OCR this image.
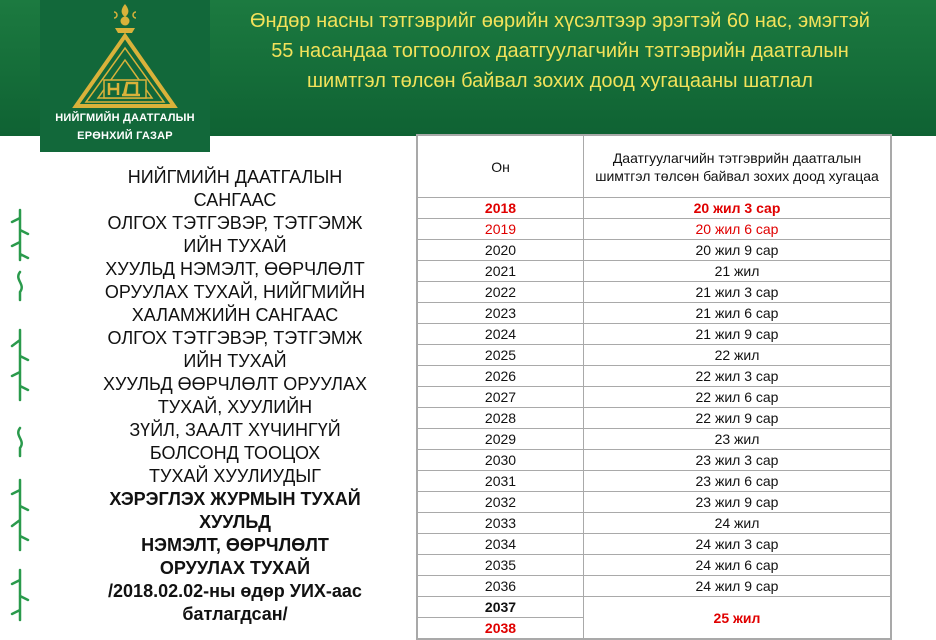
Өндөр насны тэтгэврийг өөрийн хүсэлтээр эрэгтэй 60 нас, эмэгтэй
55 насандаа тогтоолгох даатгуулагчийн тэтгэврийн даатгалын
шимтгэл төлсөн байвал зохих доод хугацааны шатлал
НИЙГМИЙН ДААТГАЛЫН
ЕРӨНХИЙ ГАЗАР
НИЙГМИЙН ДААТГАЛЫН
САНГААС
ОЛГОХ ТЭТГЭВЭР, ТЭТГЭМЖ
ИЙН ТУХАЙ
ХУУЛЬД НЭМЭЛТ, ӨӨРЧЛӨЛТ
ОРУУЛАХ ТУХАЙ, НИЙГМИЙН
ХАЛАМЖИЙН САНГААС
ОЛГОХ ТЭТГЭВЭР, ТЭТГЭМЖ
ИЙН ТУХАЙ
ХУУЛЬД ӨӨРЧЛӨЛТ ОРУУЛАХ
ТУХАЙ, ХУУЛИЙН
ЗҮЙЛ, ЗААЛТ ХҮЧИНГҮЙ
БОЛСОНД ТООЦОХ
ТУХАЙ ХУУЛИУДЫГ
ХЭРЭГЛЭХ ЖУРМЫН ТУХАЙ
ХУУЛЬД
НЭМЭЛТ, ӨӨРЧЛӨЛТ
ОРУУЛАХ ТУХАЙ
/2018.02.02-ны өдөр УИХ-аас
батлагдсан/
Он	Даатгуулагчийн тэтгэврийн даатгалын шимтгэл төлсөн байвал зохих доод хугацаа
2018	20 жил 3 сар
2019	20 жил 6 сар
2020	20 жил 9 сар
2021	21 жил
2022	21 жил 3 сар
2023	21 жил 6 сар
2024	21 жил 9 сар
2025	22 жил
2026	22 жил 3 сар
2027	22 жил 6 сар
2028	22 жил 9 сар
2029	23 жил
2030	23 жил 3 сар
2031	23 жил 6 сар
2032	23 жил 9 сар
2033	24 жил
2034	24 жил 3 сар
2035	24 жил 6 сар
2036	24 жил 9 сар
2037	25 жил
2038	
